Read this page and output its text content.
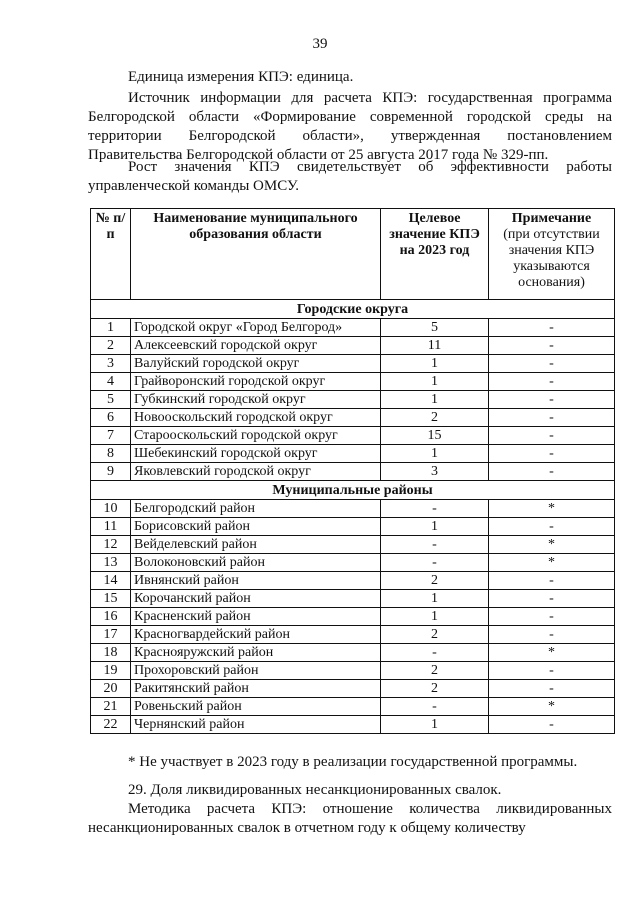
39

Единица измерения КПЭ: единица.

Источник информации для расчета КПЭ: государственная программа Белгородской области «Формирование современной городской среды на территории Белгородской области», утвержденная постановлением Правительства Белгородской области от 25 августа 2017 года № 329-пп.

Рост значения КПЭ свидетельствует об эффективности работы управленческой команды ОМСУ.

№ п/п	Наименование муниципального образования области	Целевое значение КПЭ на 2023 год	Примечание
(при отсутствии значения КПЭ указываются основания)
Городские округа			
1	Городской округ «Город Белгород»	5	-
2	Алексеевский городской округ	11	-
3	Валуйский городской округ	1	-
4	Грайворонский городской округ	1	-
5	Губкинский городской округ	1	-
6	Новооскольский городской округ	2	-
7	Старооскольский городской округ	15	-
8	Шебекинский городской округ	1	-
9	Яковлевский городской округ	3	-
Муниципальные районы			
10	Белгородский район	-	*
11	Борисовский район	1	-
12	Вейделевский район	-	*
13	Волоконовский район	-	*
14	Ивнянский район	2	-
15	Корочанский район	1	-
16	Красненский район	1	-
17	Красногвардейский район	2	-
18	Краснояружский район	-	*
19	Прохоровский район	2	-
20	Ракитянский район	2	-
21	Ровеньский район	-	*
22	Чернянский район	1	-

* Не участвует в 2023 году в реализации государственной программы.

29. Доля ликвидированных несанкционированных свалок.

Методика расчета КПЭ: отношение количества ликвидированных несанкционированных свалок в отчетном году к общему количеству
